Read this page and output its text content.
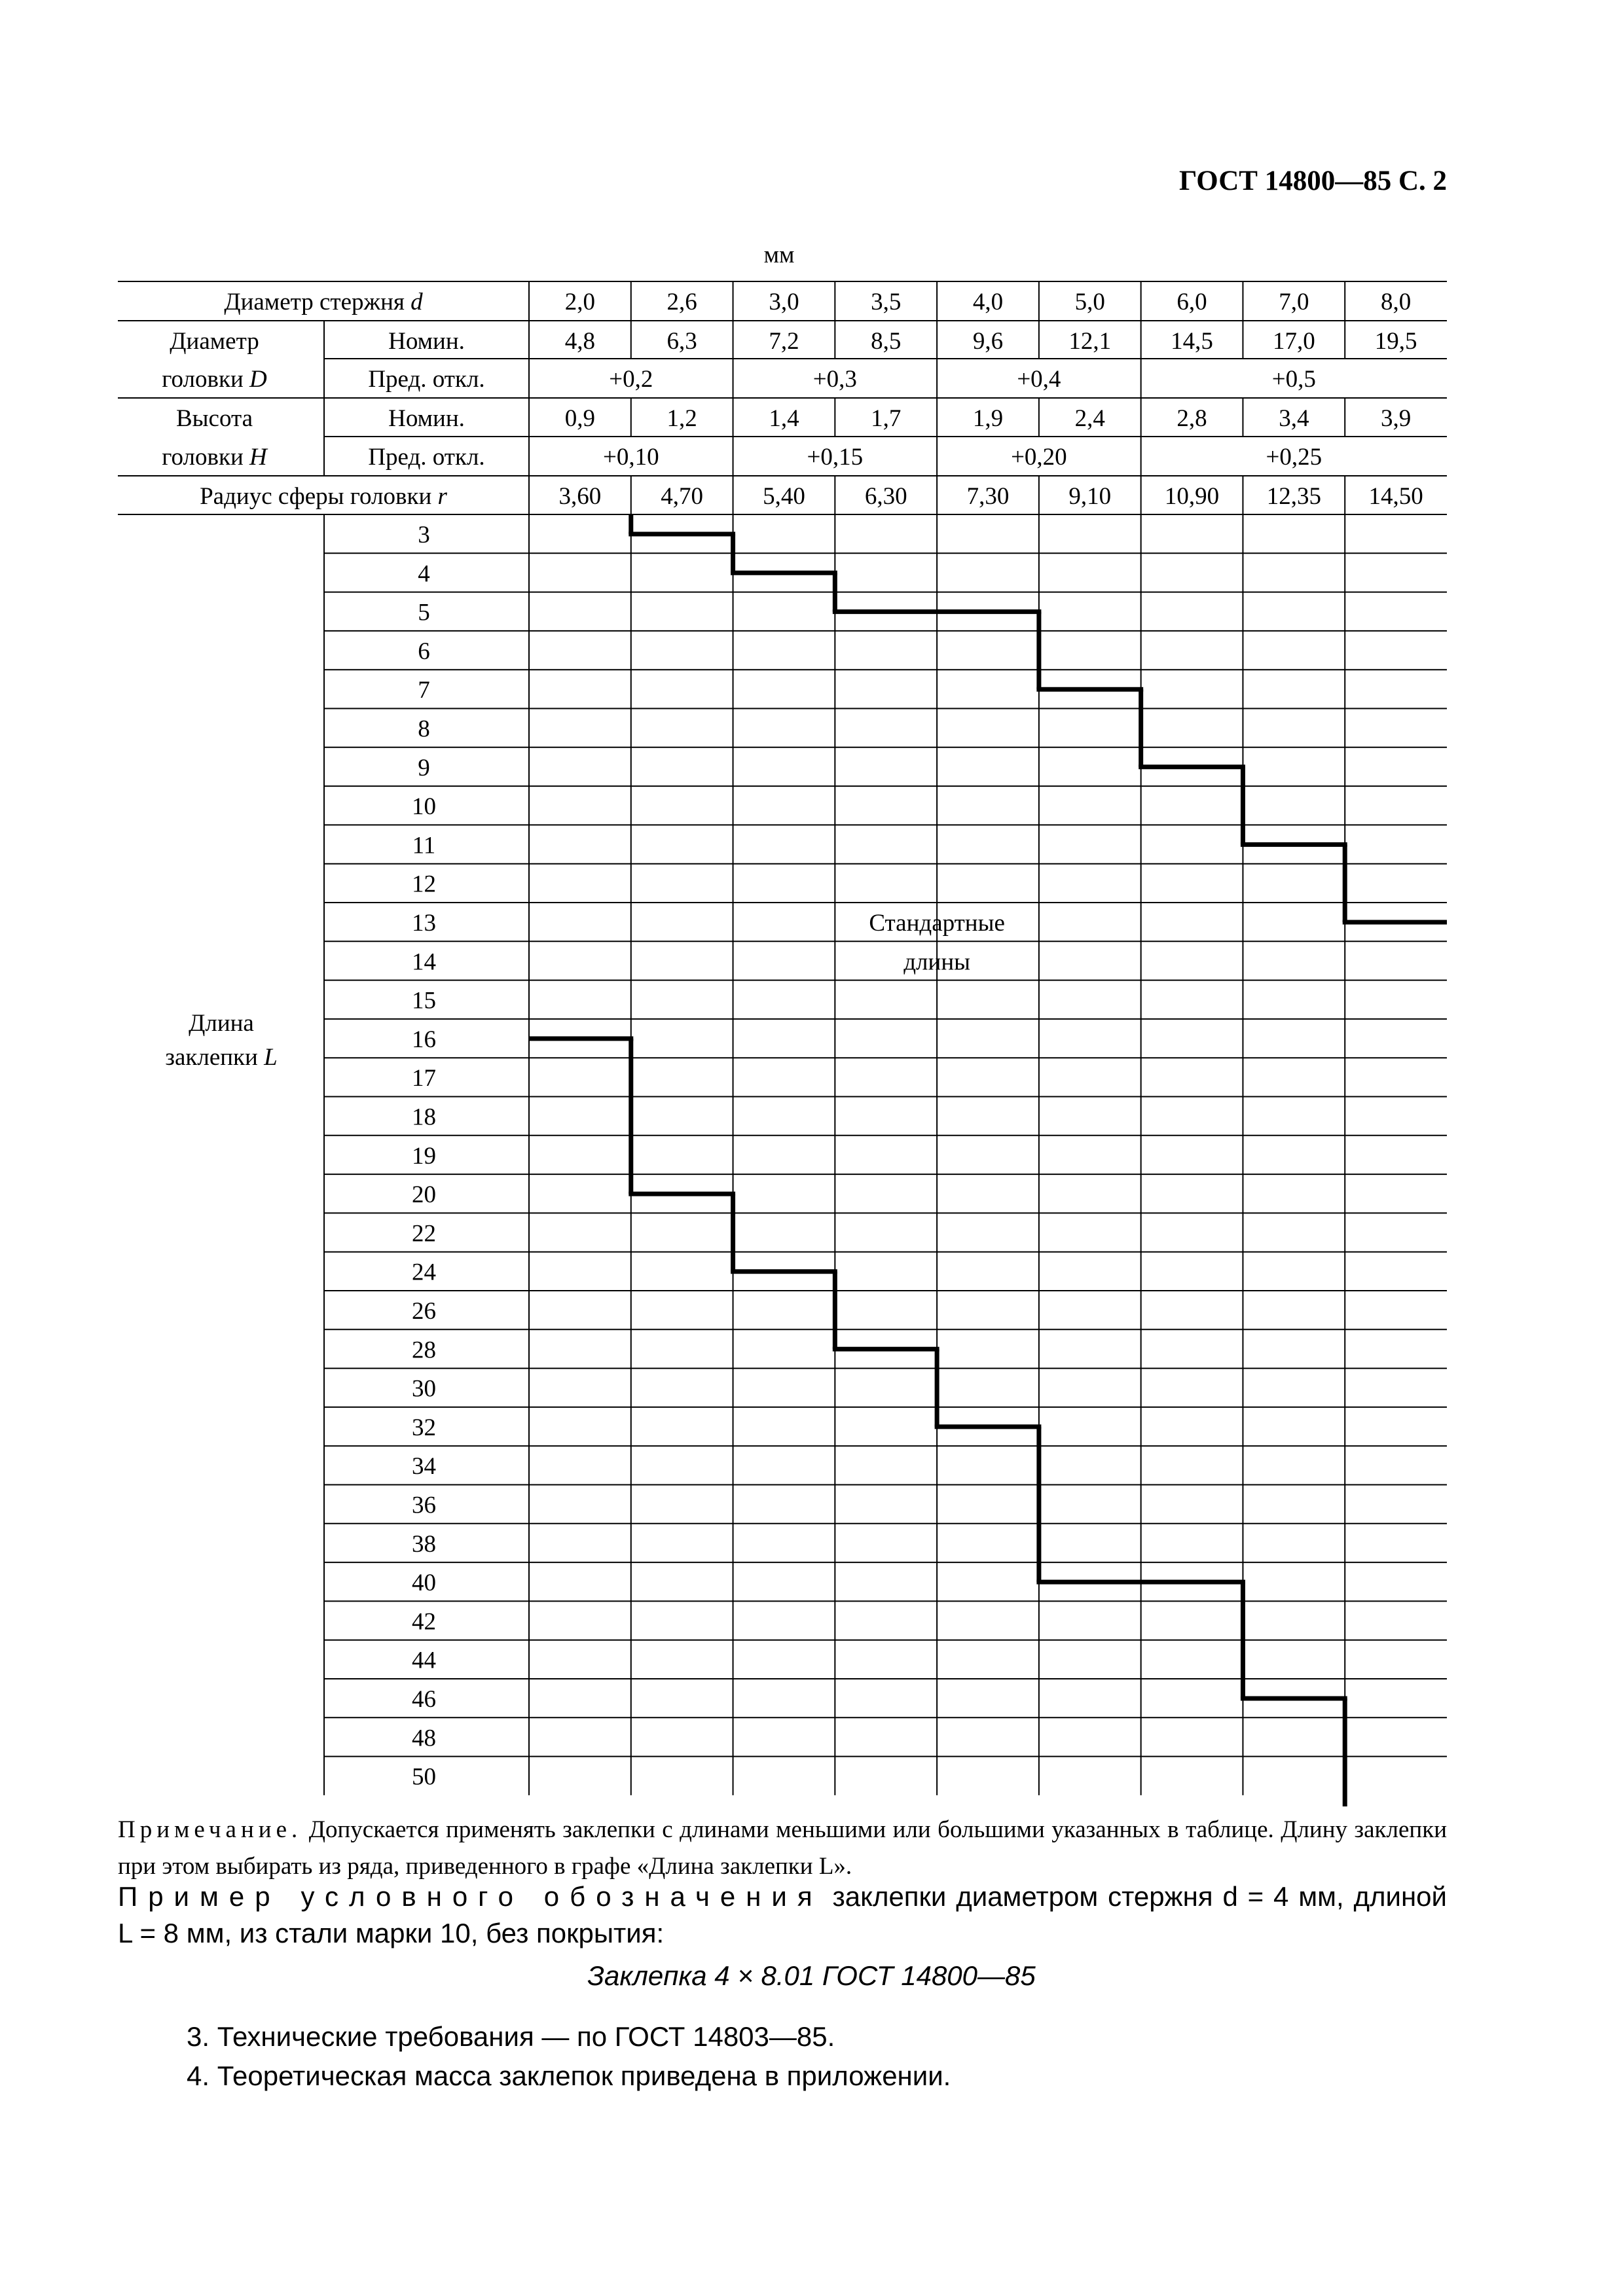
ГОСТ 14800—85 С. 2
мм
Диаметр стержня d	2,0	2,6	3,0	3,5	4,0	5,0	6,0	7,0	8,0
Диаметр
головки D
Номин.	4,8	6,3	7,2	8,5	9,6	12,1 14,5 17,0 19,5
Пред. откл.	+0,2	+0,3	+0,4	+0,5
Высота
головки H
Номин.	0,9	1,2	1,4	1,7	1,9	2,4	2,8	3,4	3,9
Пред. откл.	+0,10	+0,15	+0,20	+0,25
Радиус сферы головки r	3,60 4,70 5,40 6,30 7,30 9,10 10,90 12,35 14,50
3
4
5
6
7
8
9
10
11
12
13
14
15
16
17
18
19
20
22
24
26
28
30
32
34
36
38
40
42
44
46
48
50
Длина
заклепки L
Стандартные
длины
Примечание. Допускается применять заклепки с длинами меньшими или большими указанных в таблице. Длину заклепки при этом выбирать из ряда, приведенного в графе «Длина заклепки L».
Пример условного обозначения заклепки диаметром стержня d = 4 мм, длиной L = 8 мм, из стали марки 10, без покрытия:
Заклепка 4 × 8.01 ГОСТ 14800—85
3. Технические требования — по ГОСТ 14803—85.
4. Теоретическая масса заклепок приведена в приложении.
